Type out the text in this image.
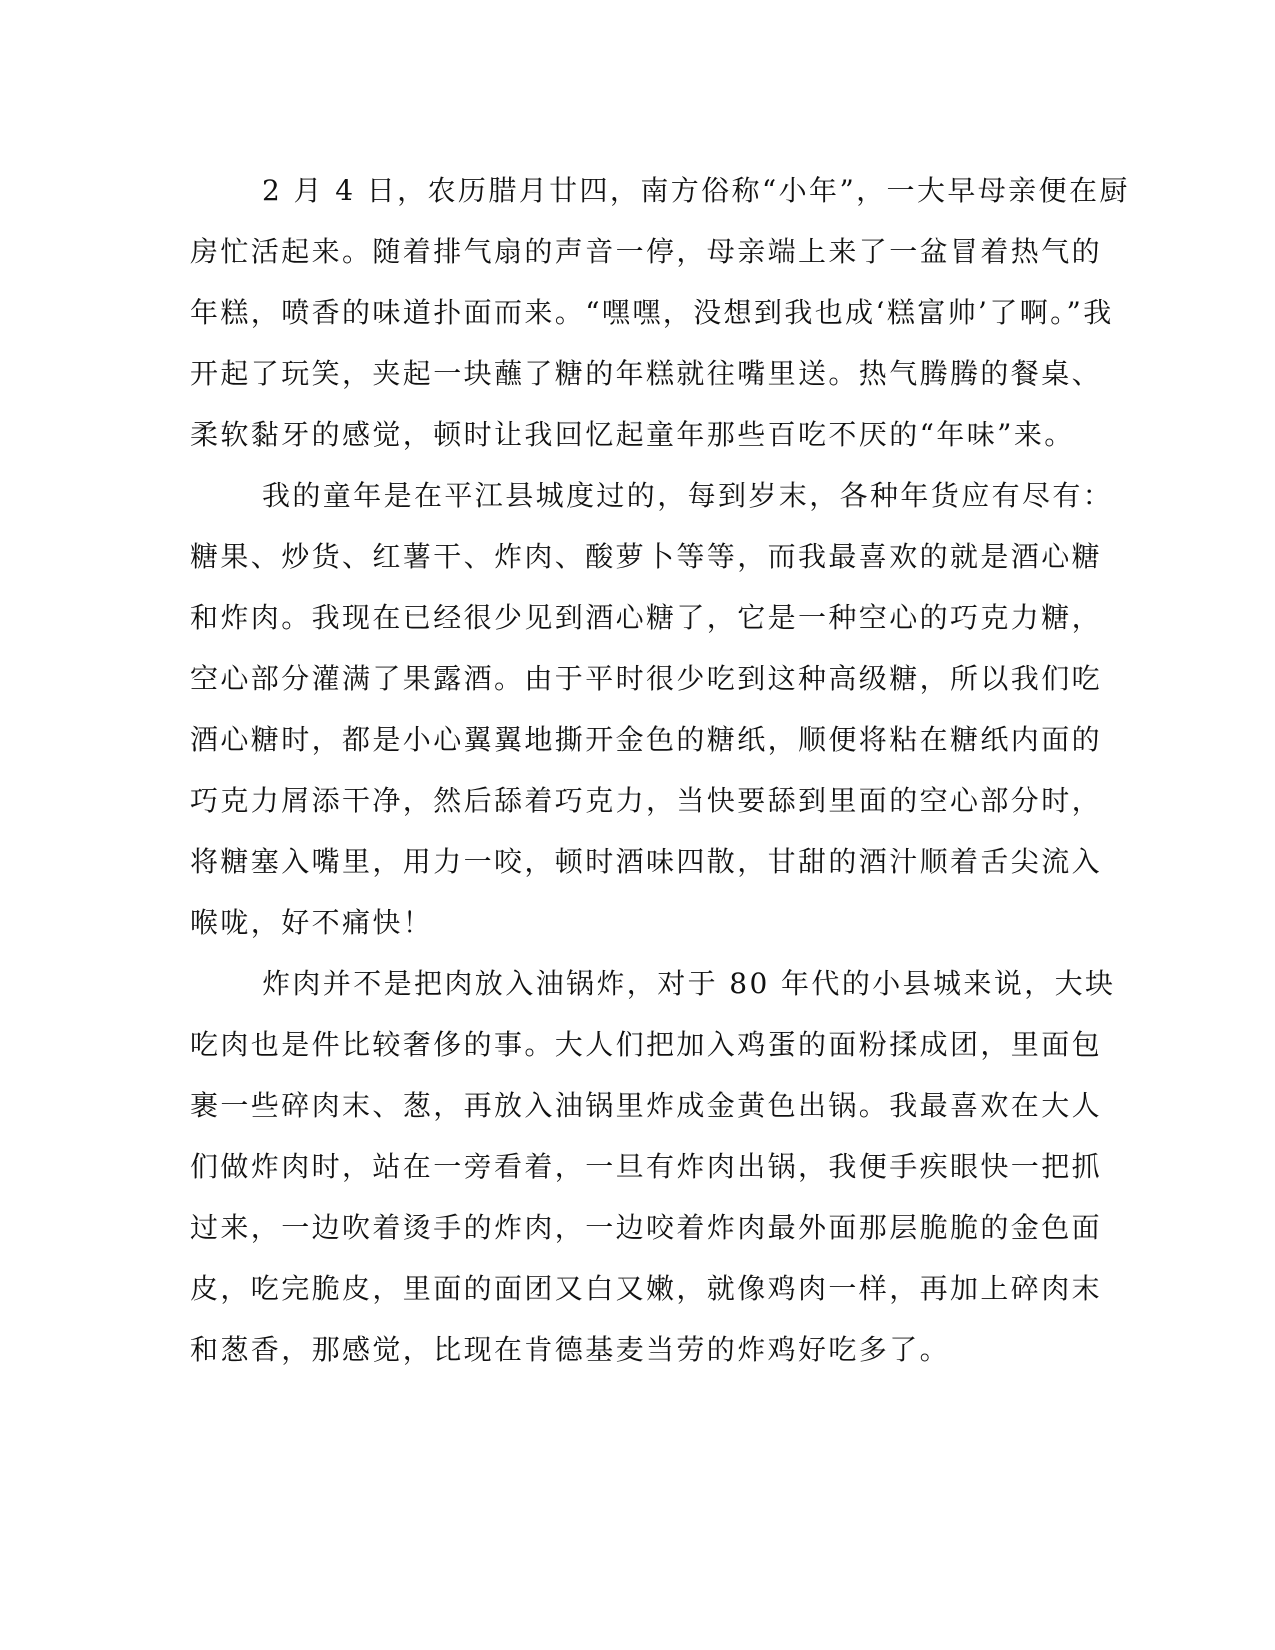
2 月 4 日，农历腊月廿四，南方俗称“小年”，一大早母亲便在厨
房忙活起来。随着排气扇的声音一停，母亲端上来了一盆冒着热气的
年糕，喷香的味道扑面而来。“嘿嘿，没想到我也成‘糕富帅’了啊。”我
开起了玩笑，夹起一块蘸了糖的年糕就往嘴里送。热气腾腾的餐桌、
柔软黏牙的感觉，顿时让我回忆起童年那些百吃不厌的“年味”来。
我的童年是在平江县城度过的，每到岁末，各种年货应有尽有：
糖果、炒货、红薯干、炸肉、酸萝卜等等，而我最喜欢的就是酒心糖
和炸肉。我现在已经很少见到酒心糖了，它是一种空心的巧克力糖，
空心部分灌满了果露酒。由于平时很少吃到这种高级糖，所以我们吃
酒心糖时，都是小心翼翼地撕开金色的糖纸，顺便将粘在糖纸内面的
巧克力屑添干净，然后舔着巧克力，当快要舔到里面的空心部分时，
将糖塞入嘴里，用力一咬，顿时酒味四散，甘甜的酒汁顺着舌尖流入
喉咙，好不痛快！
炸肉并不是把肉放入油锅炸，对于 80 年代的小县城来说，大块
吃肉也是件比较奢侈的事。大人们把加入鸡蛋的面粉揉成团，里面包
裹一些碎肉末、葱，再放入油锅里炸成金黄色出锅。我最喜欢在大人
们做炸肉时，站在一旁看着，一旦有炸肉出锅，我便手疾眼快一把抓
过来，一边吹着烫手的炸肉，一边咬着炸肉最外面那层脆脆的金色面
皮，吃完脆皮，里面的面团又白又嫩，就像鸡肉一样，再加上碎肉末
和葱香，那感觉，比现在肯德基麦当劳的炸鸡好吃多了。
